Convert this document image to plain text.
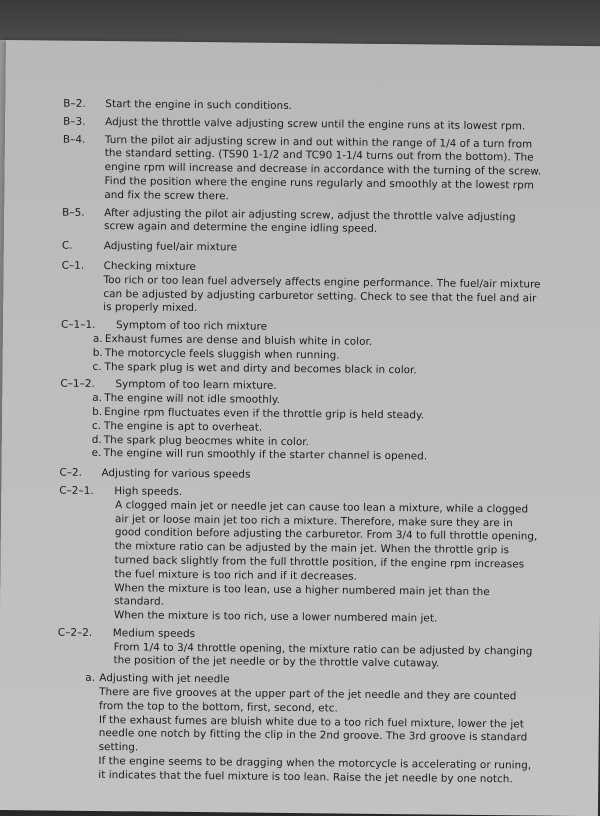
B–2.	Start the engine in such conditions.
B–3.	Adjust the throttle valve adjusting screw until the engine runs at its lowest rpm.
B–4.	Turn the pilot air adjusting screw in and out within the range of 1/4 of a turn from the standard setting. (TS90 1-1/2 and TC90 1-1/4 turns out from the bottom). The engine rpm will increase and decrease in accordance with the turning of the screw. Find the position where the engine runs regularly and smoothly at the lowest rpm and fix the screw there.
B–5.	After adjusting the pilot air adjusting screw, adjust the throttle valve adjusting screw again and determine the engine idling speed.
C.	Adjusting fuel/air mixture
C–1.	Checking mixture

Too rich or too lean fuel adversely affects engine performance. The fuel/air mixture can be adjusted by adjusting carburetor setting. Check to see that the fuel and air is properly mixed.

C–1–1.	Symptom of too rich mixture
a. Exhaust fumes are dense and bluish white in color.
b. The motorcycle feels sluggish when running.
c. The spark plug is wet and dirty and becomes black in color.
C–1–2.	Symptom of too learn mixture.
a. The engine will not idle smoothly.
b. Engine rpm fluctuates even if the throttle grip is held steady.
c. The engine is apt to overheat.
d. The spark plug beocmes white in color.
e. The engine will run smoothly if the starter channel is opened.
C–2.	Adjusting for various speeds
C–2–1.	High speeds.

A clogged main jet or needle jet can cause too lean a mixture, while a clogged air jet or loose main jet too rich a mixture. Therefore, make sure they are in good condition before adjusting the carburetor. From 3/4 to full throttle opening, the mixture ratio can be adjusted by the main jet. When the throttle grip is turned back slightly from the full throttle position, if the engine rpm increases the fuel mixture is too rich and if it decreases.

When the mixture is too lean, use a higher numbered main jet than the standard.

When the mixture is too rich, use a lower numbered main jet.

C–2–2.	Medium speeds

From 1/4 to 3/4 throttle opening, the mixture ratio can be adjusted by changing the position of the jet needle or by the throttle valve cutaway.

a. Adjusting with jet needle

There are five grooves at the upper part of the jet needle and they are counted from the top to the bottom, first, second, etc.

If the exhaust fumes are bluish white due to a too rich fuel mixture, lower the jet needle one notch by fitting the clip in the 2nd groove. The 3rd groove is standard setting.

If the engine seems to be dragging when the motorcycle is accelerating or runing, it indicates that the fuel mixture is too lean. Raise the jet needle by one notch.
